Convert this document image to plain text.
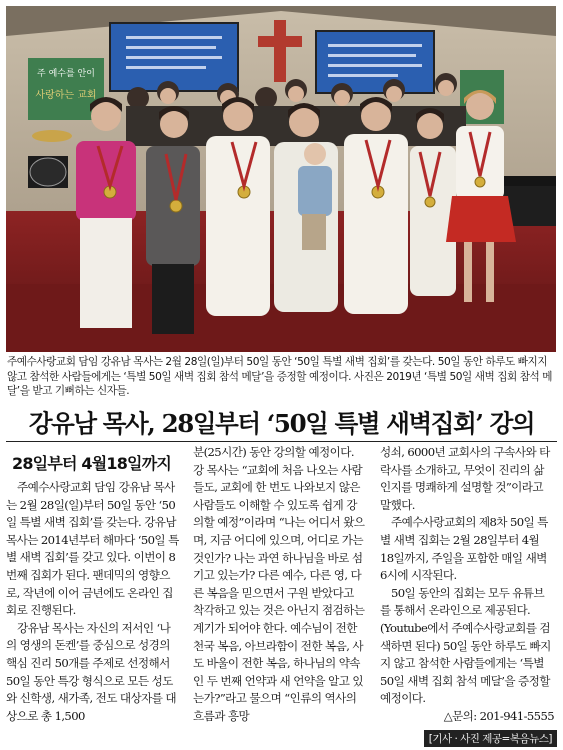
주 예수를 안이
사랑하는 교회

주예수사랑교회 담임 강유남 목사는 2월 28일(일)부터 50일 동안 ‘50일 특별 새벽 집회’를 갖는다. 50일 동안 하루도 빠지지 않고 참석한 사람들에게는 ‘특별 50일 새벽 집회 참석 메달’을 증정할 예정이다. 사진은 2019년 ‘특별 50일 새벽 집회 참석 메달’을 받고 기뻐하는 신자들.

강유남 목사, 28일부터 ‘50일 특별 새벽집회’ 강의
28일부터 4월18일까지

주예수사랑교회 담임 강유남 목사는 2월 28일(일)부터 50일 동안 ‘50일 특별 새벽 집회’를 갖는다. 강유남 목사는 2014년부터 해마다 ‘50일 특별 새벽 집회’를 갖고 있다. 이번이 8번째 집회가 된다. 팬데믹의 영향으로, 작년에 이어 금년에도 온라인 집회로 진행된다.

강유남 목사는 자신의 저서인 ‘나의 영생의 돈켄’를 중심으로 성경의 핵심 진리 50개를 주제로 선정해서 50일 동안 특강 형식으로 모든 성도와 신학생, 새가족, 전도 대상자를 대상으로 총 1,500

분(25시간) 동안 강의할 예정이다. 강 목사는 “교회에 처음 나오는 사람들도, 교회에 한 번도 나와보지 않은 사람들도 이해할 수 있도록 쉽게 강의할 예정”이라며 “나는 어디서 왔으며, 지금 어디에 있으며, 어디로 가는 것인가? 나는 과연 하나님을 바로 섬기고 있는가? 다른 예수, 다른 영, 다른 복음을 믿으면서 구원 받았다고 착각하고 있는 것은 아닌지 점검하는 계기가 되어야 한다. 예수님이 전한 천국 복음, 아브라함이 전한 복음, 사도 바울이 전한 복음, 하나님의 약속인 두 번째 언약과 새 언약을 알고 있는가?”라고 물으며 “인류의 역사의 흐름과 흥망

성쇠, 6000년 교회사의 구속사와 타락사를 소개하고, 무엇이 진리의 삶인지를 명쾌하게 설명할 것”이라고 말했다.

주예수사랑교회의 제8차 50일 특별 새벽 집회는 2월 28일부터 4월 18일까지, 주일을 포함한 매일 새벽 6시에 시작된다.

50일 동안의 집회는 모두 유튜브를 통해서 온라인으로 제공된다. (Youtube에서 주예수사랑교회를 검색하면 된다) 50일 동안 하루도 빠지지 않고 참석한 사람들에게는 ‘특별 50일 새벽 집회 참석 메달’을 증정할 예정이다.

△문의: 201-941-5555
[기사 · 사진 제공=복음뉴스]
